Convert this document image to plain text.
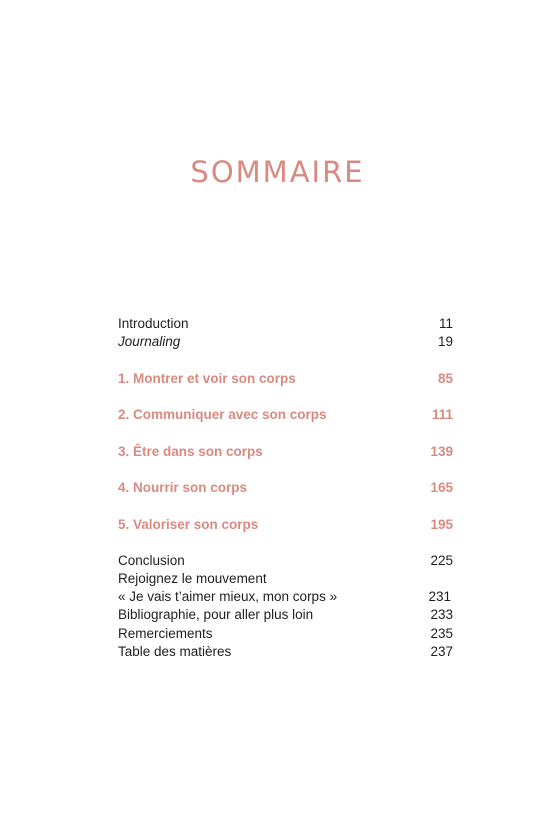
SOMMAIRE
Introduction	11
Journaling	19
1. Montrer et voir son corps	85
2. Communiquer avec son corps	111
3. Être dans son corps	139
4. Nourrir son corps	165
5. Valoriser son corps	195
Conclusion	225
Rejoignez le mouvement
« Je vais t’aimer mieux, mon corps »	231
Bibliographie, pour aller plus loin	233
Remerciements	235
Table des matières	237
